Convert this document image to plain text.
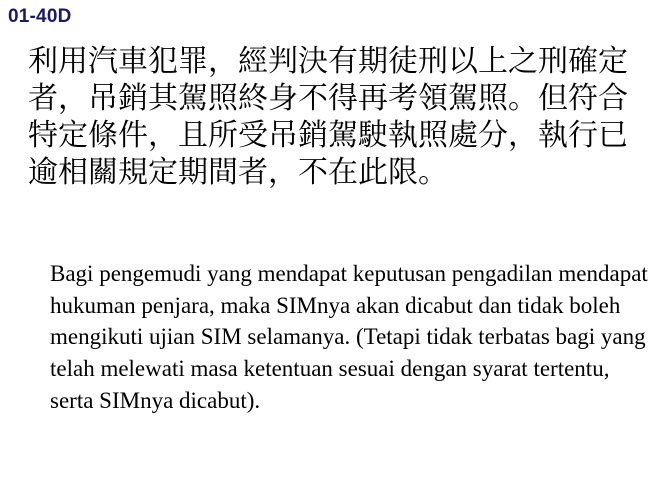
01-40D

利用汽車犯罪，經判決有期徒刑以上之刑確定者，吊銷其駕照終身不得再考領駕照。但符合特定條件，且所受吊銷駕駛執照處分，執行已逾相關規定期間者，不在此限。

Bagi pengemudi yang mendapat keputusan pengadilan mendapat hukuman penjara, maka SIMnya akan dicabut dan tidak boleh mengikuti ujian SIM selamanya. (Tetapi tidak terbatas bagi yang telah melewati masa ketentuan sesuai dengan syarat tertentu, serta SIMnya dicabut).
